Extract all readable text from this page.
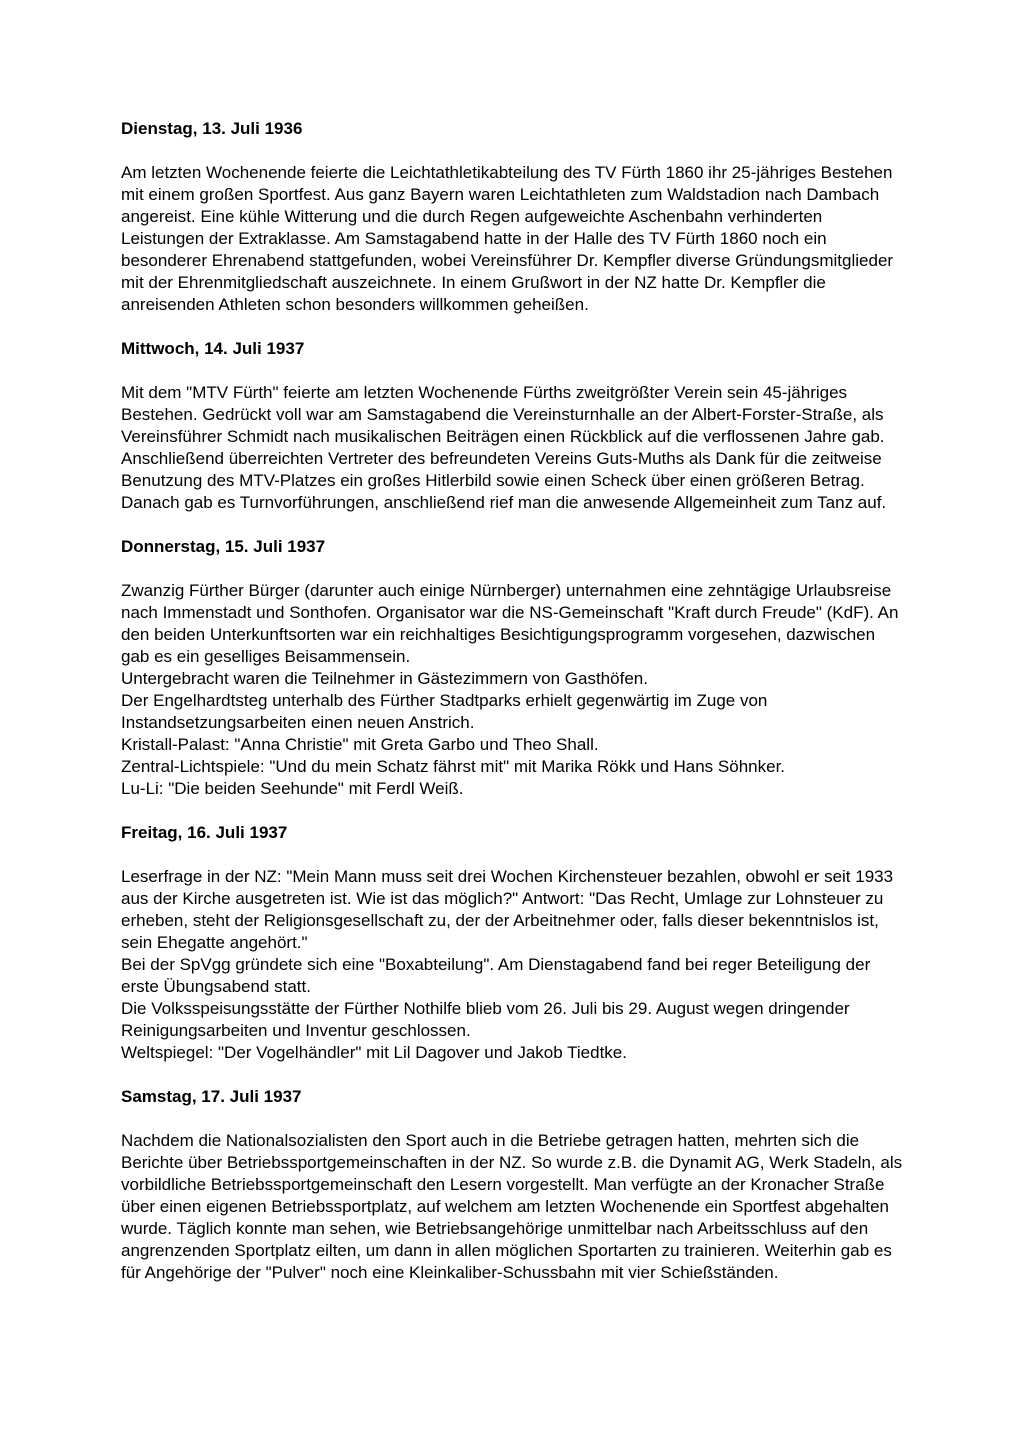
Dienstag, 13. Juli 1936

Am letzten Wochenende feierte die Leichtathletikabteilung des TV Fürth 1860 ihr 25-jähriges Bestehen mit einem großen Sportfest. Aus ganz Bayern waren Leichtathleten zum Waldstadion nach Dambach angereist. Eine kühle Witterung und die durch Regen aufgeweichte Aschenbahn verhinderten Leistungen der Extraklasse. Am Samstagabend hatte in der Halle des TV Fürth 1860 noch ein besonderer Ehrenabend stattgefunden, wobei Vereinsführer Dr. Kempfler diverse Gründungsmitglieder mit der Ehrenmitgliedschaft auszeichnete. In einem Grußwort in der NZ hatte Dr. Kempfler die anreisenden Athleten schon besonders willkommen geheißen.

Mittwoch, 14. Juli 1937

Mit dem "MTV Fürth" feierte am letzten Wochenende Fürths zweitgrößter Verein sein 45-jähriges Bestehen. Gedrückt voll war am Samstagabend die Vereinsturnhalle an der Albert-Forster-Straße, als Vereinsführer Schmidt nach musikalischen Beiträgen einen Rückblick auf die verflossenen Jahre gab. Anschließend überreichten Vertreter des befreundeten Vereins Guts-Muths als Dank für die zeitweise Benutzung des MTV-Platzes ein großes Hitlerbild sowie einen Scheck über einen größeren Betrag. Danach gab es Turnvorführungen, anschließend rief man die anwesende Allgemeinheit zum Tanz auf.

Donnerstag, 15. Juli 1937

Zwanzig Fürther Bürger (darunter auch einige Nürnberger) unternahmen eine zehntägige Urlaubsreise nach Immenstadt und Sonthofen. Organisator war die NS-Gemeinschaft "Kraft durch Freude" (KdF). An den beiden Unterkunftsorten war ein reichhaltiges Besichtigungsprogramm vorgesehen, dazwischen gab es ein geselliges Beisammensein.

Untergebracht waren die Teilnehmer in Gästezimmern von Gasthöfen.

Der Engelhardtsteg unterhalb des Fürther Stadtparks erhielt gegenwärtig im Zuge von Instandsetzungsarbeiten einen neuen Anstrich.

Kristall-Palast: "Anna Christie" mit Greta Garbo und Theo Shall.

Zentral-Lichtspiele: "Und du mein Schatz fährst mit" mit Marika Rökk und Hans Söhnker.

Lu-Li: "Die beiden Seehunde" mit Ferdl Weiß.

Freitag, 16. Juli 1937

Leserfrage in der NZ: "Mein Mann muss seit drei Wochen Kirchensteuer bezahlen, obwohl er seit 1933 aus der Kirche ausgetreten ist. Wie ist das möglich?" Antwort: "Das Recht, Umlage zur Lohnsteuer zu erheben, steht der Religionsgesellschaft zu, der der Arbeitnehmer oder, falls dieser bekenntnislos ist, sein Ehegatte angehört."

Bei der SpVgg gründete sich eine "Boxabteilung". Am Dienstagabend fand bei reger Beteiligung der erste Übungsabend statt.

Die Volksspeisungsstätte der Fürther Nothilfe blieb vom 26. Juli bis 29. August wegen dringender Reinigungsarbeiten und Inventur geschlossen.

Weltspiegel: "Der Vogelhändler" mit Lil Dagover und Jakob Tiedtke.

Samstag, 17. Juli 1937

Nachdem die Nationalsozialisten den Sport auch in die Betriebe getragen hatten, mehrten sich die Berichte über Betriebssportgemeinschaften in der NZ. So wurde z.B. die Dynamit AG, Werk Stadeln, als vorbildliche Betriebssportgemeinschaft den Lesern vorgestellt. Man verfügte an der Kronacher Straße über einen eigenen Betriebssportplatz, auf welchem am letzten Wochenende ein Sportfest abgehalten wurde. Täglich konnte man sehen, wie Betriebsangehörige unmittelbar nach Arbeitsschluss auf den angrenzenden Sportplatz eilten, um dann in allen möglichen Sportarten zu trainieren. Weiterhin gab es für Angehörige der "Pulver" noch eine Kleinkaliber-Schussbahn mit vier Schießständen.
